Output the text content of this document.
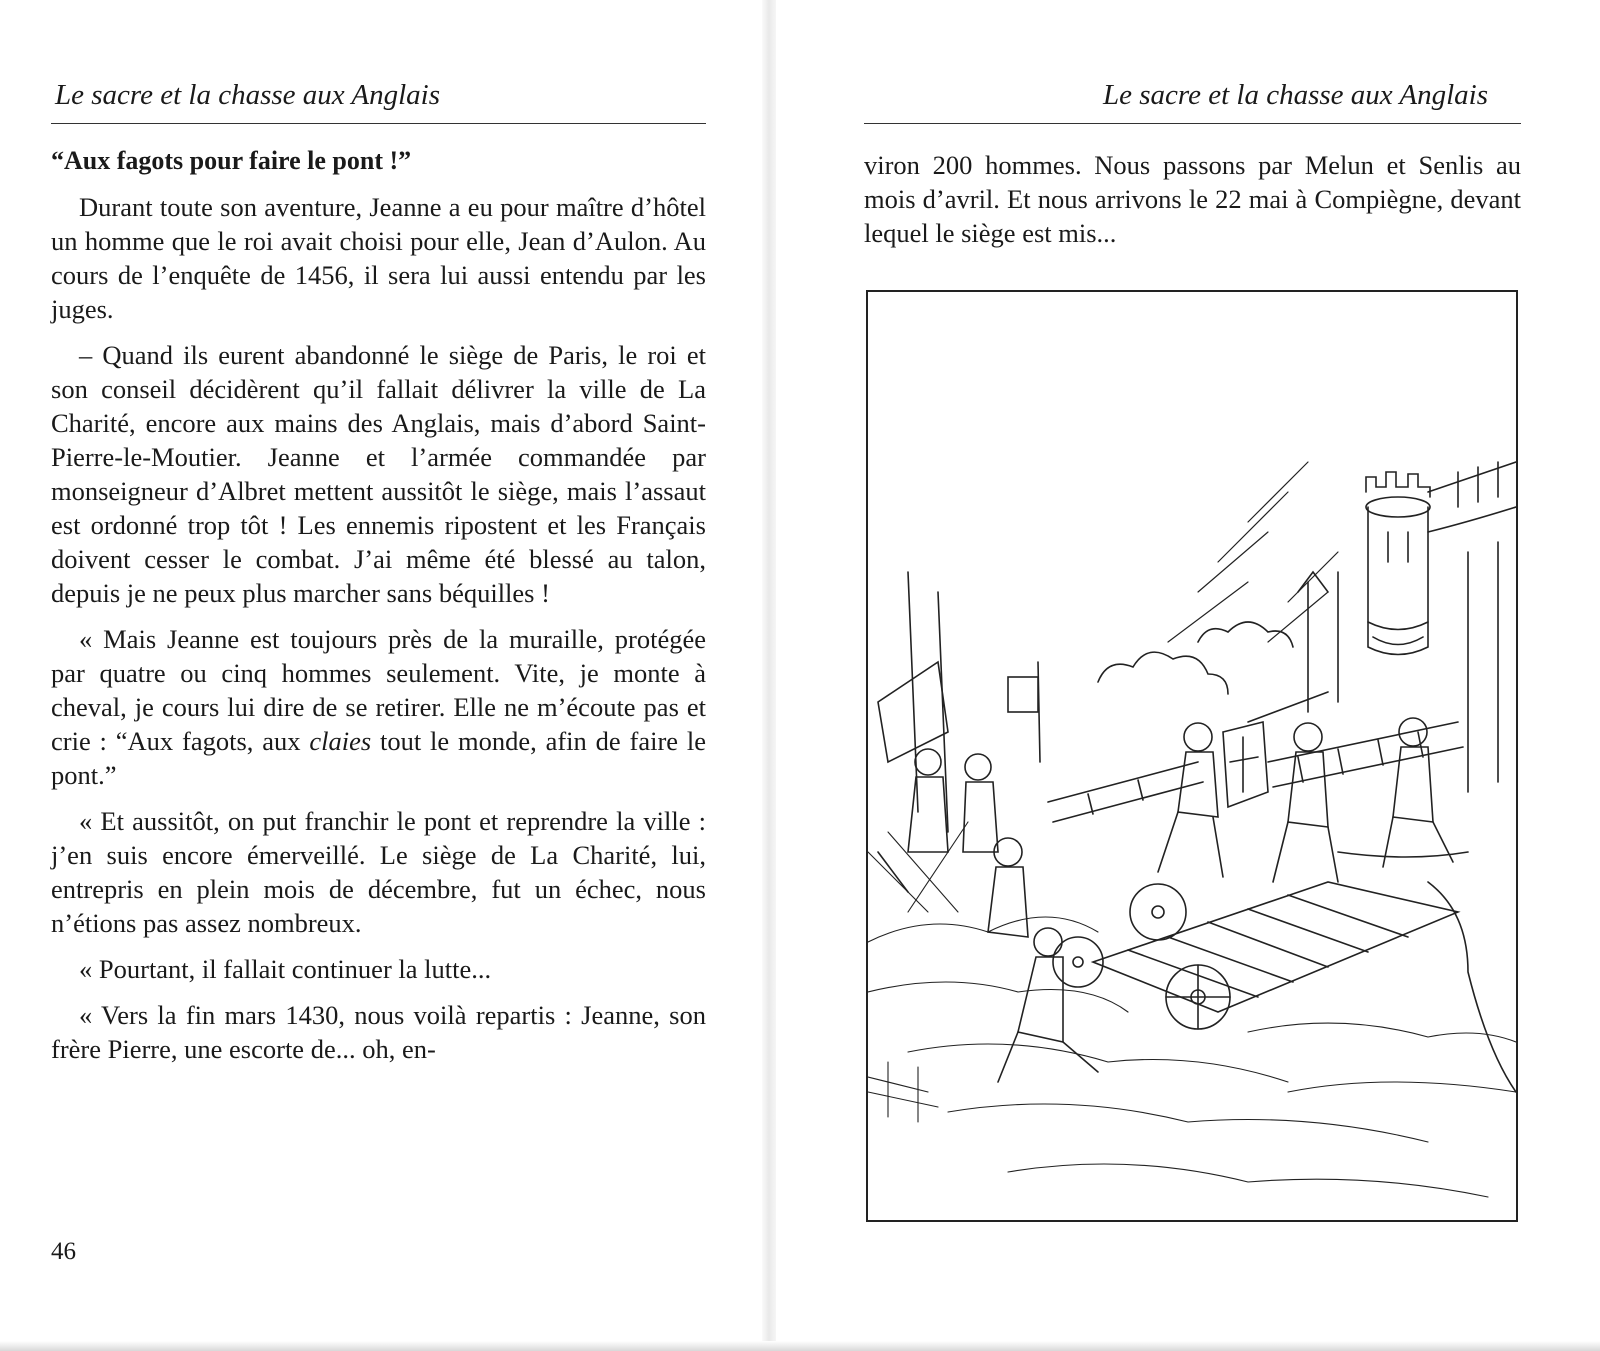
Le sacre et la chasse aux Anglais
“Aux fagots pour faire le pont !”

Durant toute son aventure, Jeanne a eu pour maître d’hôtel un homme que le roi avait choisi pour elle, Jean d’Aulon. Au cours de l’enquête de 1456, il sera lui aussi entendu par les juges.

– Quand ils eurent abandonné le siège de Paris, le roi et son conseil décidèrent qu’il fallait délivrer la ville de La Charité, encore aux mains des Anglais, mais d’abord Saint-Pierre-le-Moutier. Jeanne et l’armée commandée par monseigneur d’Albret mettent aussitôt le siège, mais l’assaut est ordonné trop tôt ! Les ennemis ripostent et les Français doivent cesser le combat. J’ai même été blessé au talon, depuis je ne peux plus marcher sans béquilles !

« Mais Jeanne est toujours près de la muraille, protégée par quatre ou cinq hommes seulement. Vite, je monte à cheval, je cours lui dire de se retirer. Elle ne m’écoute pas et crie : “Aux fagots, aux claies tout le monde, afin de faire le pont.”

« Et aussitôt, on put franchir le pont et reprendre la ville : j’en suis encore émerveillé. Le siège de La Charité, lui, entrepris en plein mois de décembre, fut un échec, nous n’étions pas assez nombreux.

« Pourtant, il fallait continuer la lutte...

« Vers la fin mars 1430, nous voilà repartis : Jeanne, son frère Pierre, une escorte de... oh, en-

46
Le sacre et la chasse aux Anglais

viron 200 hommes. Nous passons par Melun et Senlis au mois d’avril. Et nous arrivons le 22 mai à Compiègne, devant lequel le siège est mis...
